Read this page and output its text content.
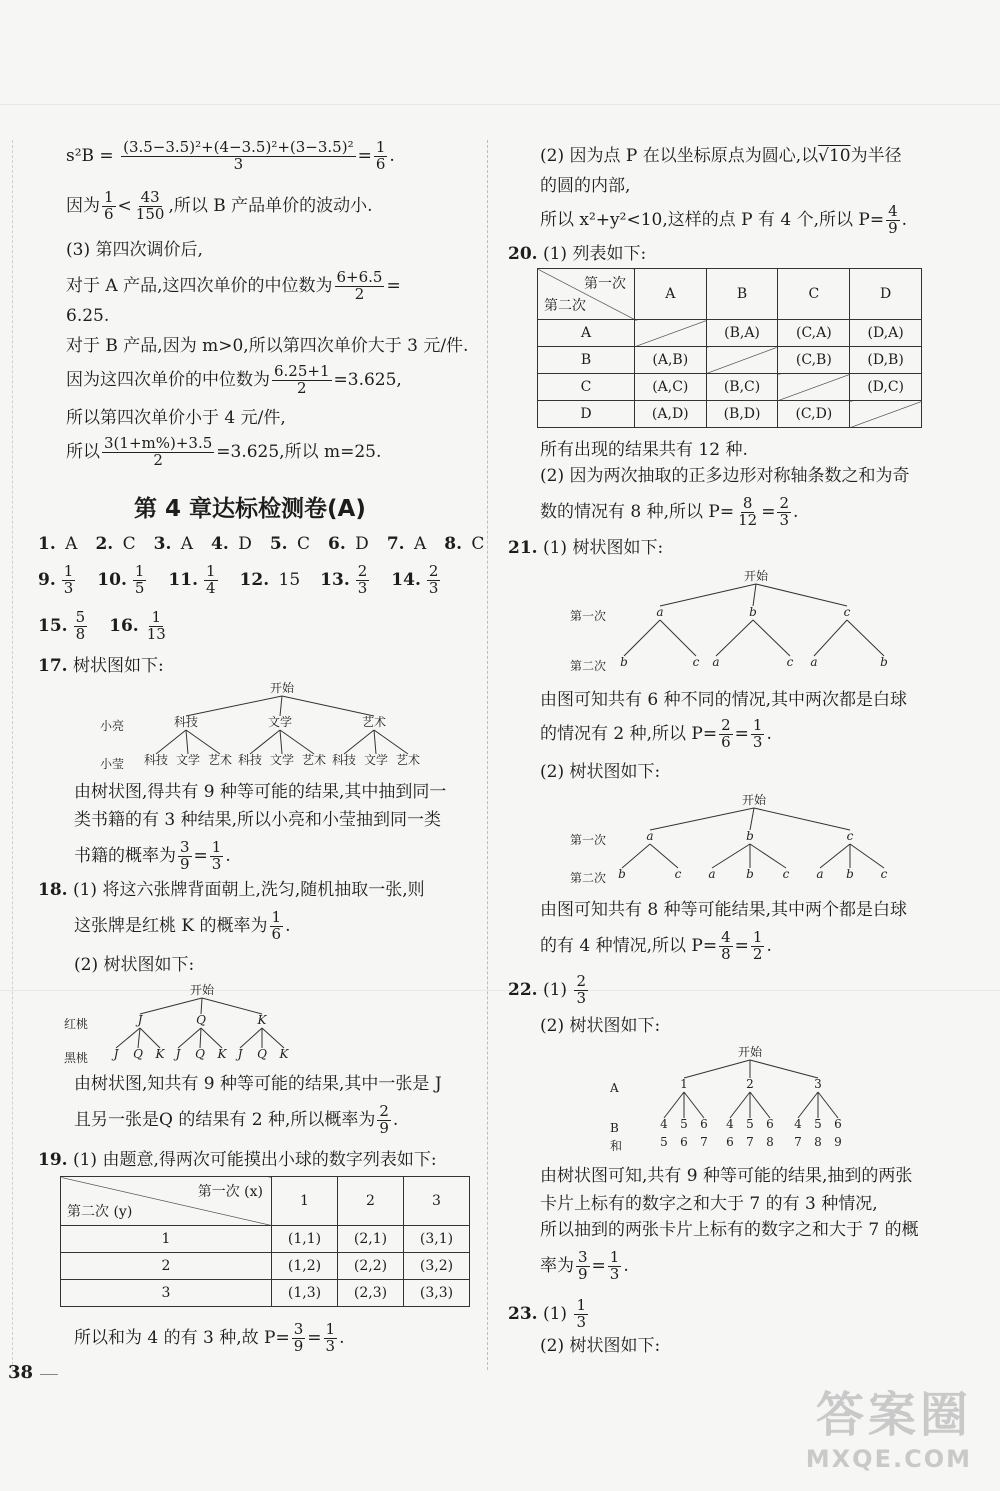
$s^2B = \frac{\text{(3.5−3.5)²+(4−3.5)²+(3−3.5)²}}{3} = \frac{1}{6}$ .
因为 $\frac{1}{6} < \frac{43}{150}$ ,所以 B 产品单价的波动小.
(3) 第四次调价后,
对于 A 产品,这四次单价的中位数为 $\frac{6+6.5}{2}$ =
6.25.
对于 B 产品,因为 m>0,所以第四次单价大于 3 元/件.
因为这四次单价的中位数为 $\frac{6.25+1}{2} =3.625$,
所以第四次单价小于 4 元/件,
所以 $\frac{3(1+m\%)+3.5}{2} =3.625$,所以 m=25.
第 4 章达标检测卷(A)
1. A 2. C 3. A 4. D 5. C 6. D 7. A 8. C
9. $\frac{1}{3} 10$. $\frac{1}{5} 11$. $\frac{1}{4} 12$. 15 13. $\frac{2}{3} 14$. $\frac{2}{3}$
15. $\frac{5}{8} 16$. $\frac{1}{13}$
17. 树状图如下:
开始
小亮
小莹
科技	文学	艺术
科技 文学 艺术 科技 文学 艺术 科技 文学 艺术
由树状图,得共有 9 种等可能的结果,其中抽到同一
类书籍的有 3 种结果,所以小亮和小莹抽到同一类
书籍的概率为 $\frac{3}{9} = \frac{1}{3}$ .
18. (1) 将这六张牌背面朝上,洗匀,随机抽取一张,则
这张牌是红桃 K 的概率为 $\frac{1}{6}$ .
(2) 树状图如下:
开始
红桃
黑桃
J	Q	K
J Q K J Q K J Q K
由树状图,知共有 9 种等可能的结果,其中一张是 J
且另一张是Q 的结果有 2 种,所以概率为 $\frac{2}{9}$ .
19. (1) 由题意,得两次可能摸出小球的数字列表如下:
第一次 (x)
第二次 (y)	1	2	3
1	(1,1)	(2,1)	(3,1)
2	(1,2)	(2,2)	(3,2)
3	(1,3)	(2,3)	(3,3)
所以和为 4 的有 3 种,故 $P= \frac{3}{9} = \frac{1}{3}$ .
38
(2) 因为点 P 在以坐标原点为圆心,以√10为半径
的圆的内部,
所以 x²+y²<10,这样的点 P 有 4 个,所以 $P= \frac{4}{9}$ .
20. (1) 列表如下:
第一次
第二次	A	B	C	D
A		(B,A)	(C,A)	(D,A)
B	(A,B)		(C,B)	(D,B)
C	(A,C)	(B,C)		(D,C)
D	(A,D)	(B,D)	(C,D)	
所有出现的结果共有 12 种.
(2) 因为两次抽取的正多边形对称轴条数之和为奇
数的情况有 8 种,所以 $P= \frac{8}{12} = \frac{2}{3}$ .
21. (1) 树状图如下:
开始
第一次
第二次
a	b	c
b	c a	c a	b
由图可知共有 6 种不同的情况,其中两次都是白球
的情况有 2 种,所以 $P= \frac{2}{6} = \frac{1}{3}$ .
(2) 树状图如下:
开始
第一次
第二次
a	b	c
b	c a	b c a b c
由图可知共有 8 种等可能结果,其中两个都是白球
的有 4 种情况,所以 $P= \frac{4}{8} = \frac{1}{2}$ .
22. $(1) \frac{2}{3}$
(2) 树状图如下:
开始
A
B
和
1	2	3
4
5
5
6
6
7
4
6
5
7
6
8
4
7
5
8
6
9
由树状图可知,共有 9 种等可能的结果,抽到的两张
卡片上标有的数字之和大于 7 的有 3 种情况,
所以抽到的两张卡片上标有的数字之和大于 7 的概
率为 $\frac{3}{9} = \frac{1}{3}$ .
23. $(1) \frac{1}{3}$
(2) 树状图如下:
答案圈
MXQE.COM
